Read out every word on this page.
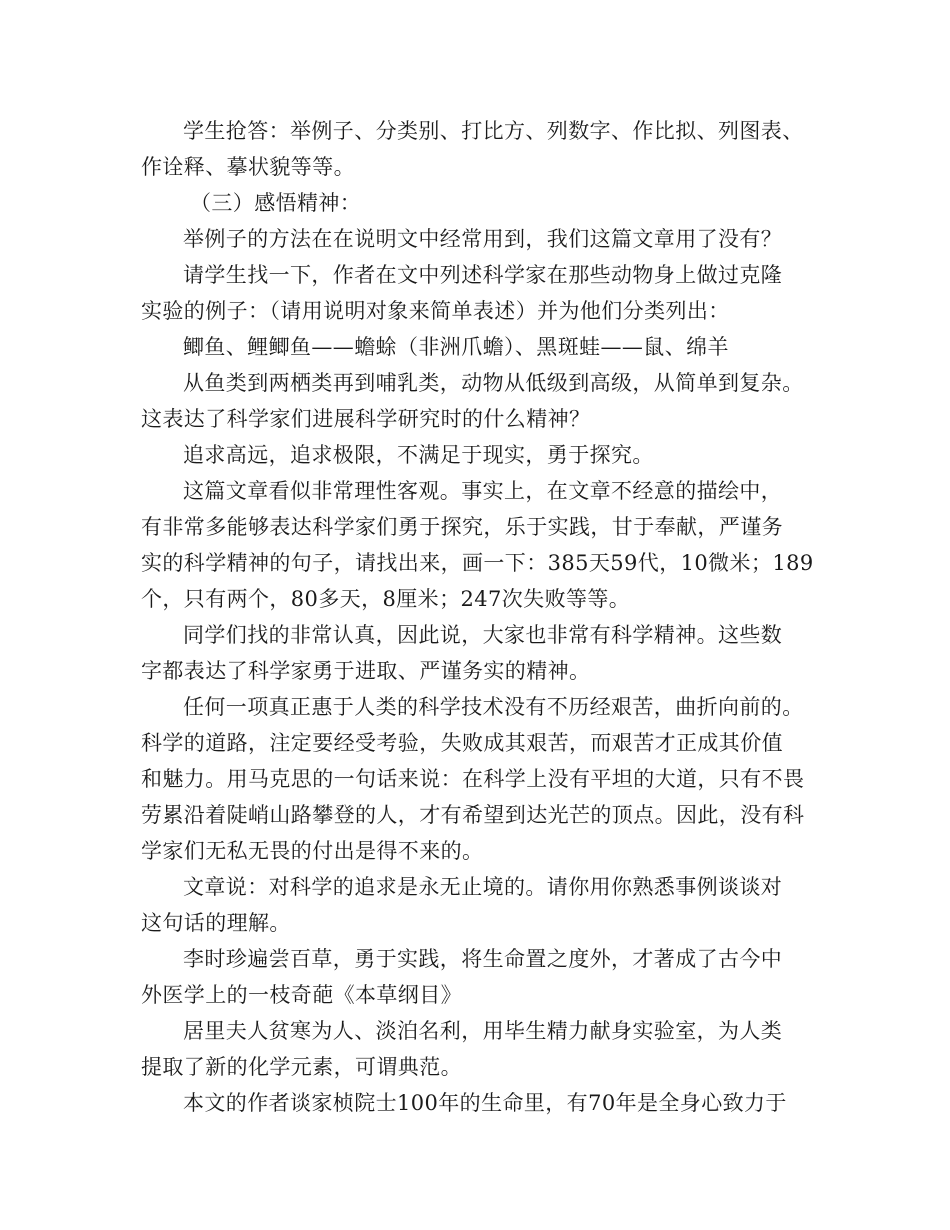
学生抢答：举例子、分类别、打比方、列数字、作比拟、列图表、
作诠释、摹状貌等等。
（三）感悟精神：
举例子的方法在在说明文中经常用到，我们这篇文章用了没有？
请学生找一下，作者在文中列述科学家在那些动物身上做过克隆
实验的例子：（请用说明对象来简单表述）并为他们分类列出：
鲫鱼、鲤鲫鱼——蟾蜍（非洲爪蟾）、黑斑蛙——鼠、绵羊
从鱼类到两栖类再到哺乳类，动物从低级到高级，从简单到复杂。
这表达了科学家们进展科学研究时的什么精神？
追求高远，追求极限，不满足于现实，勇于探究。
这篇文章看似非常理性客观。事实上，在文章不经意的描绘中，
有非常多能够表达科学家们勇于探究，乐于实践，甘于奉献，严谨务
实的科学精神的句子，请找出来，画一下：385天59代，10微米；189
个，只有两个，80多天，8厘米；247次失败等等。
同学们找的非常认真，因此说，大家也非常有科学精神。这些数
字都表达了科学家勇于进取、严谨务实的精神。
任何一项真正惠于人类的科学技术没有不历经艰苦，曲折向前的。
科学的道路，注定要经受考验，失败成其艰苦，而艰苦才正成其价值
和魅力。用马克思的一句话来说：在科学上没有平坦的大道，只有不畏
劳累沿着陡峭山路攀登的人，才有希望到达光芒的顶点。因此，没有科
学家们无私无畏的付出是得不来的。
文章说：对科学的追求是永无止境的。请你用你熟悉事例谈谈对
这句话的理解。
李时珍遍尝百草，勇于实践，将生命置之度外，才著成了古今中
外医学上的一枝奇葩《本草纲目》
居里夫人贫寒为人、淡泊名利，用毕生精力献身实验室，为人类
提取了新的化学元素，可谓典范。
本文的作者谈家桢院士100年的生命里，有70年是全身心致力于
